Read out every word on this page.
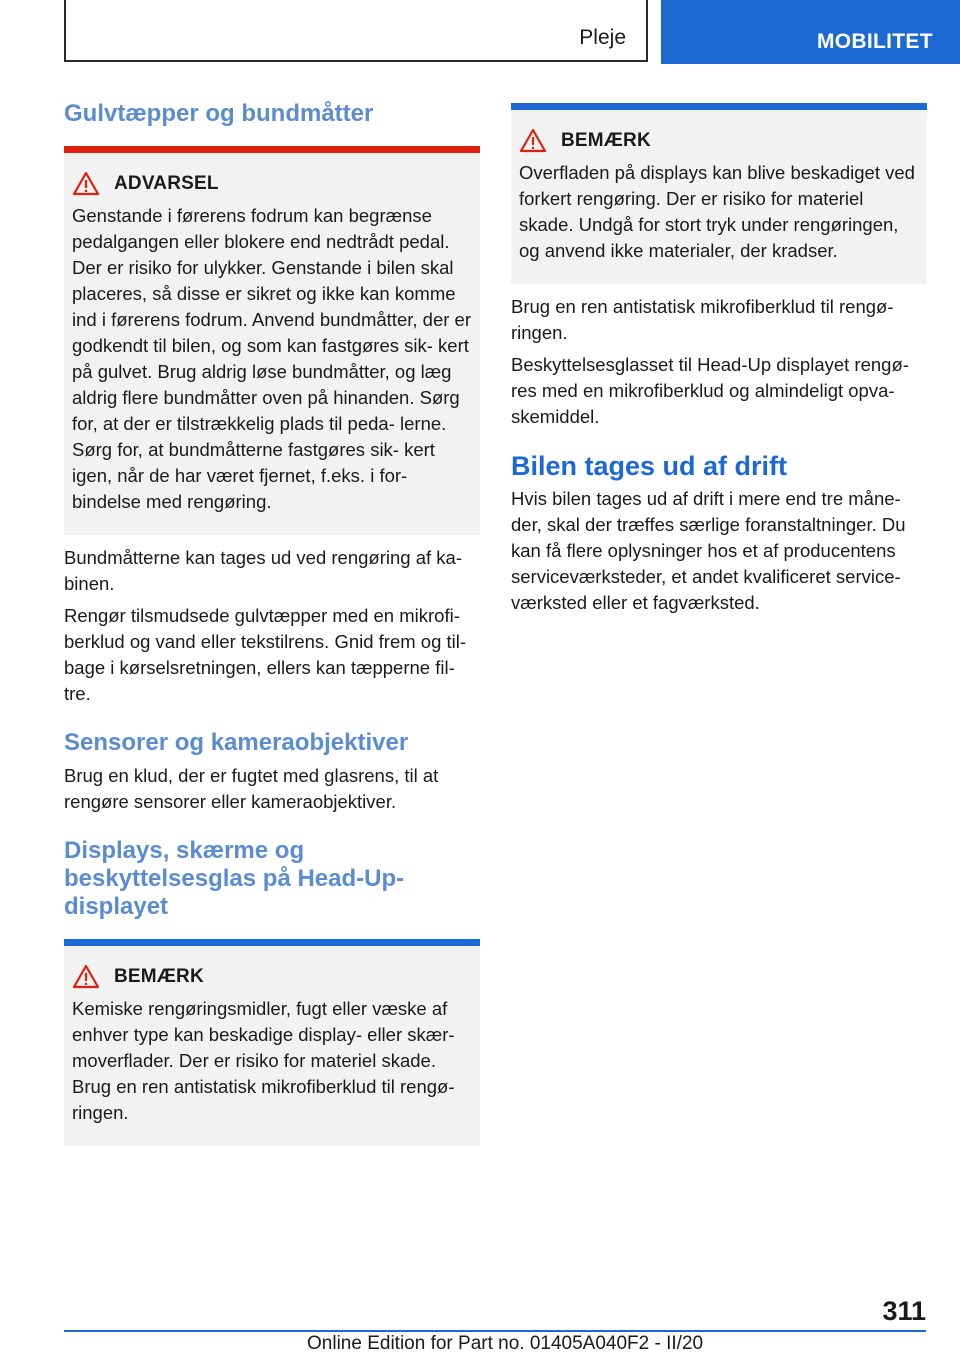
Pleje	MOBILITET
Gulvtæpper og bundmåtter
ADVARSEL

Genstande i førerens fodrum kan begrænse pedalgangen eller blokere end nedtrådt pedal. Der er risiko for ulykker. Genstande i bilen skal placeres, så disse er sikret og ikke kan komme ind i førerens fodrum. Anvend bundmåtter, der er godkendt til bilen, og som kan fastgøres sik- kert på gulvet. Brug aldrig løse bundmåtter, og læg aldrig flere bundmåtter oven på hinanden. Sørg for, at der er tilstrækkelig plads til peda- lerne. Sørg for, at bundmåtterne fastgøres sik- kert igen, når de har været fjernet, f.eks. i for- bindelse med rengøring.

Bundmåtterne kan tages ud ved rengøring af ka- binen.

Rengør tilsmudsede gulvtæpper med en mikrofi- berklud og vand eller tekstilrens. Gnid frem og til- bage i kørselsretningen, ellers kan tæpperne fil- tre.

Sensorer og kameraobjektiver

Brug en klud, der er fugtet med glasrens, til at rengøre sensorer eller kameraobjektiver.

Displays, skærme og beskyttelsesglas på Head-Up- displayet
BEMÆRK

Kemiske rengøringsmidler, fugt eller væske af enhver type kan beskadige display- eller skær- moverflader. Der er risiko for materiel skade. Brug en ren antistatisk mikrofiberklud til rengø- ringen.

BEMÆRK

Overfladen på displays kan blive beskadiget ved forkert rengøring. Der er risiko for materiel skade. Undgå for stort tryk under rengøringen, og anvend ikke materialer, der kradser.

Brug en ren antistatisk mikrofiberklud til rengø- ringen.

Beskyttelsesglasset til Head-Up displayet rengø- res med en mikrofiberklud og almindeligt opva- skemiddel.

Bilen tages ud af drift

Hvis bilen tages ud af drift i mere end tre måne- der, skal der træffes særlige foranstaltninger. Du kan få flere oplysninger hos et af producentens serviceværksteder, et andet kvalificeret service- værksted eller et fagværksted.

311
Online Edition for Part no. 01405A040F2 - II/20
